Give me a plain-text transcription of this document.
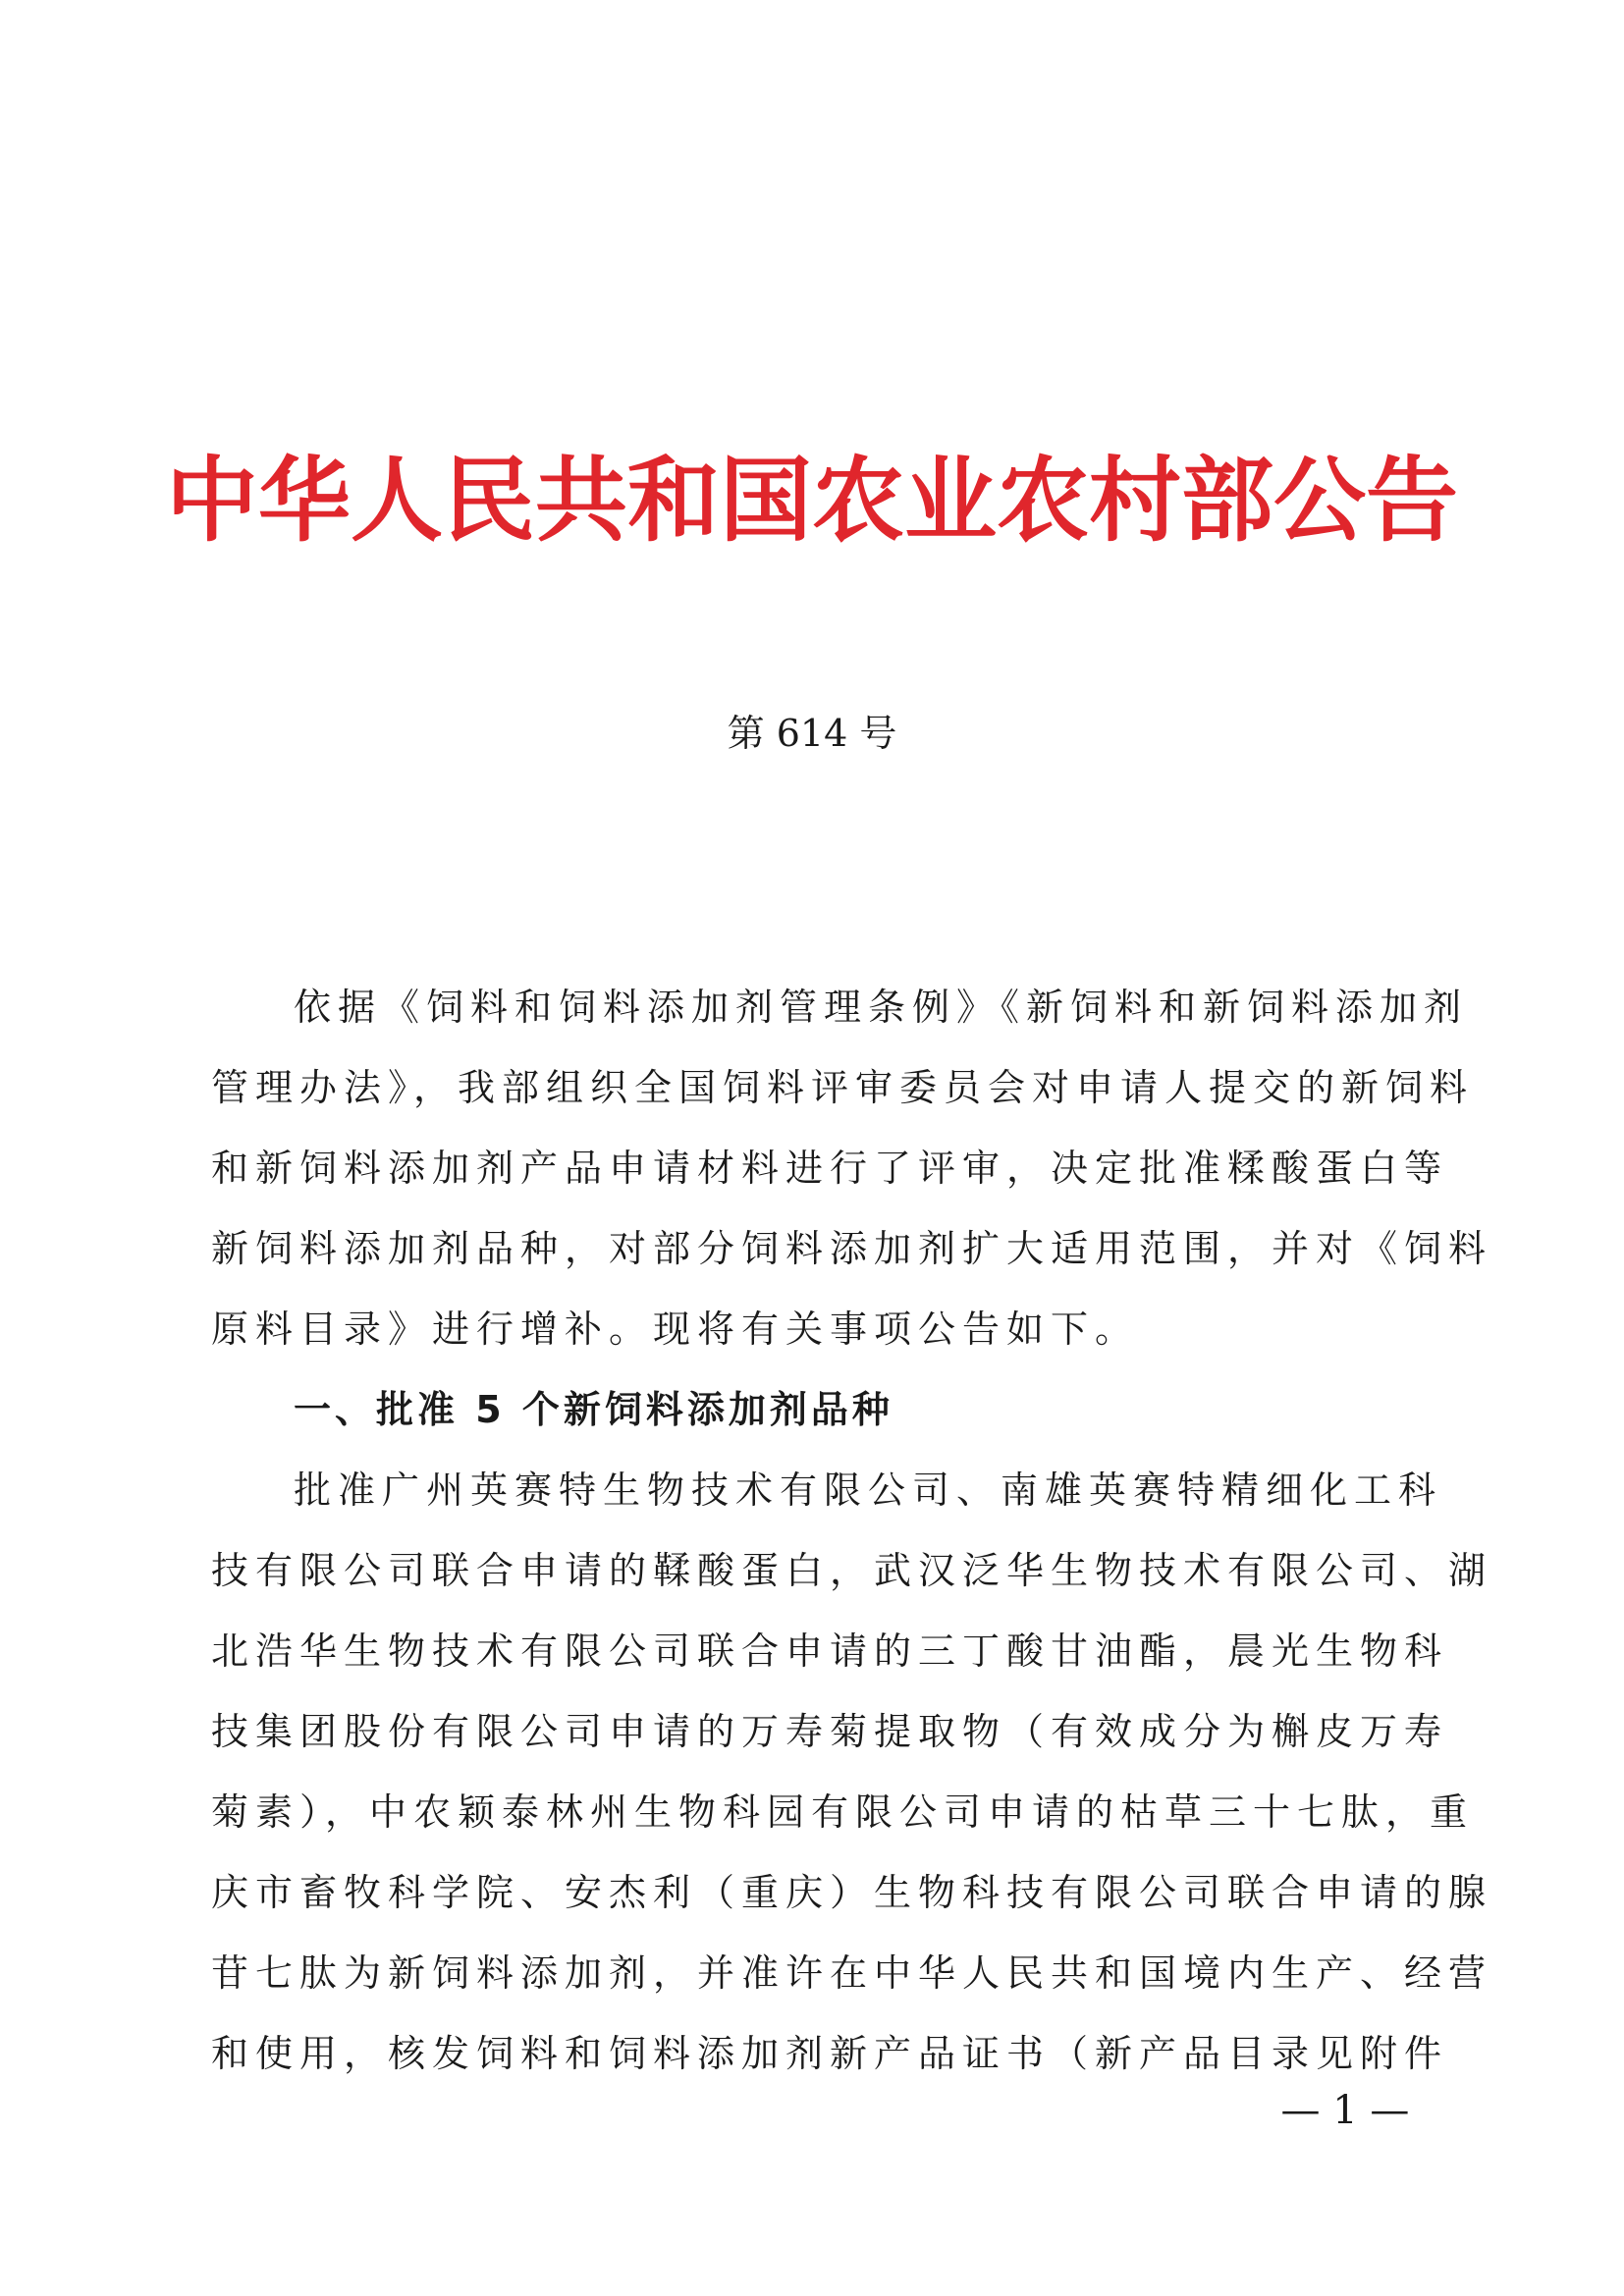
中华人民共和国农业农村部公告
第 614 号
依据《饲料和饲料添加剂管理条例》《新饲料和新饲料添加剂
管理办法》，我部组织全国饲料评审委员会对申请人提交的新饲料
和新饲料添加剂产品申请材料进行了评审，决定批准糅酸蛋白等
新饲料添加剂品种，对部分饲料添加剂扩大适用范围，并对《饲料
原料目录》进行增补。现将有关事项公告如下。
一、批准 5 个新饲料添加剂品种
批准广州英赛特生物技术有限公司、南雄英赛特精细化工科
技有限公司联合申请的鞣酸蛋白，武汉泛华生物技术有限公司、湖
北浩华生物技术有限公司联合申请的三丁酸甘油酯，晨光生物科
技集团股份有限公司申请的万寿菊提取物（有效成分为槲皮万寿
菊素），中农颖泰林州生物科园有限公司申请的枯草三十七肽，重
庆市畜牧科学院、安杰利（重庆）生物科技有限公司联合申请的腺
苷七肽为新饲料添加剂，并准许在中华人民共和国境内生产、经营
和使用，核发饲料和饲料添加剂新产品证书（新产品目录见附件
— 1 —
